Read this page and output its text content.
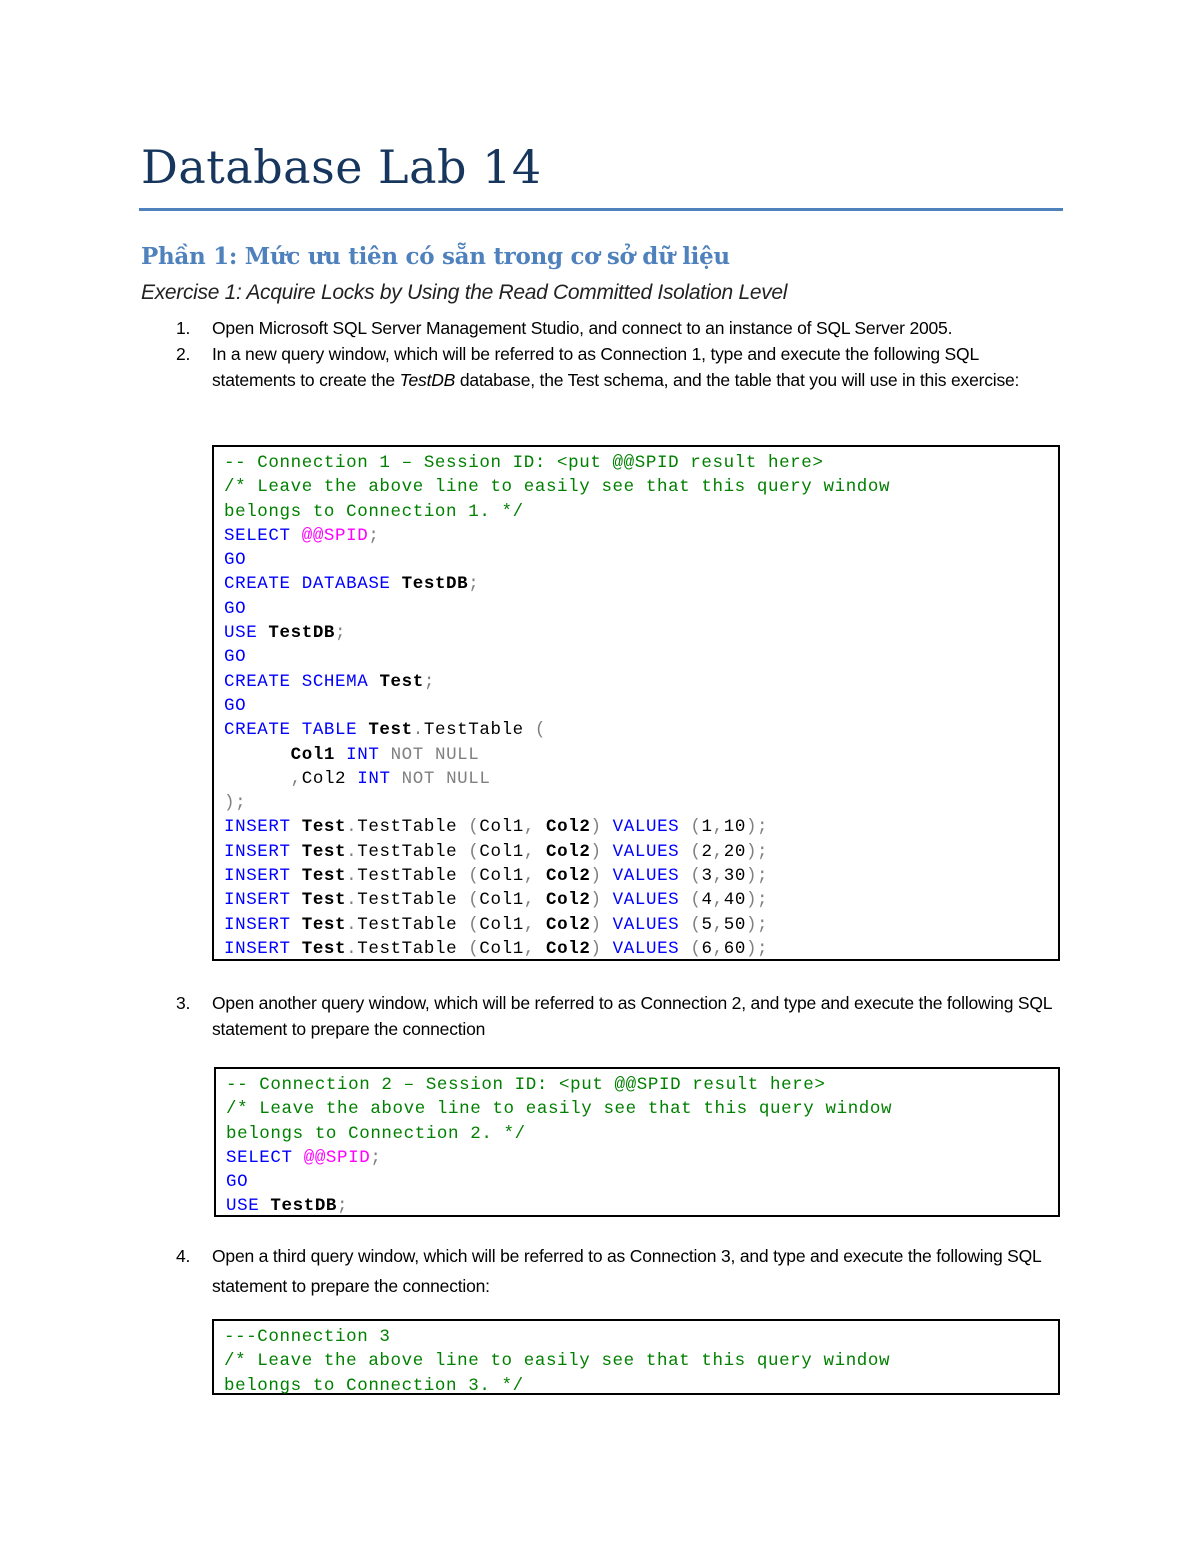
Database Lab 14
Phần 1: Mức ưu tiên có sẵn trong cơ sở dữ liệu
Exercise 1: Acquire Locks by Using the Read Committed Isolation Level

1. Open Microsoft SQL Server Management Studio, and connect to an instance of SQL Server 2005.

2. In a new query window, which will be referred to as Connection 1, type and execute the following SQL statements to create the TestDB database, the Test schema, and the table that you will use in this exercise:

-- Connection 1 – Session ID: <put @@SPID result here>
/* Leave the above line to easily see that this query window
belongs to Connection 1. */
SELECT @@SPID;
GO
CREATE DATABASE TestDB;
GO
USE TestDB;
GO
CREATE SCHEMA Test;
GO
CREATE TABLE Test.TestTable (
Col1 INT NOT NULL
,Col2 INT NOT NULL
);
INSERT Test.TestTable (Col1, Col2) VALUES (1,10);
INSERT Test.TestTable (Col1, Col2) VALUES (2,20);
INSERT Test.TestTable (Col1, Col2) VALUES (3,30);
INSERT Test.TestTable (Col1, Col2) VALUES (4,40);
INSERT Test.TestTable (Col1, Col2) VALUES (5,50);
INSERT Test.TestTable (Col1, Col2) VALUES (6,60);

3. Open another query window, which will be referred to as Connection 2, and type and execute the following SQL statement to prepare the connection

-- Connection 2 – Session ID: <put @@SPID result here>
/* Leave the above line to easily see that this query window
belongs to Connection 2. */
SELECT @@SPID;
GO
USE TestDB;

4. Open a third query window, which will be referred to as Connection 3, and type and execute the following SQL statement to prepare the connection:

---Connection 3
/* Leave the above line to easily see that this query window
belongs to Connection 3. */
